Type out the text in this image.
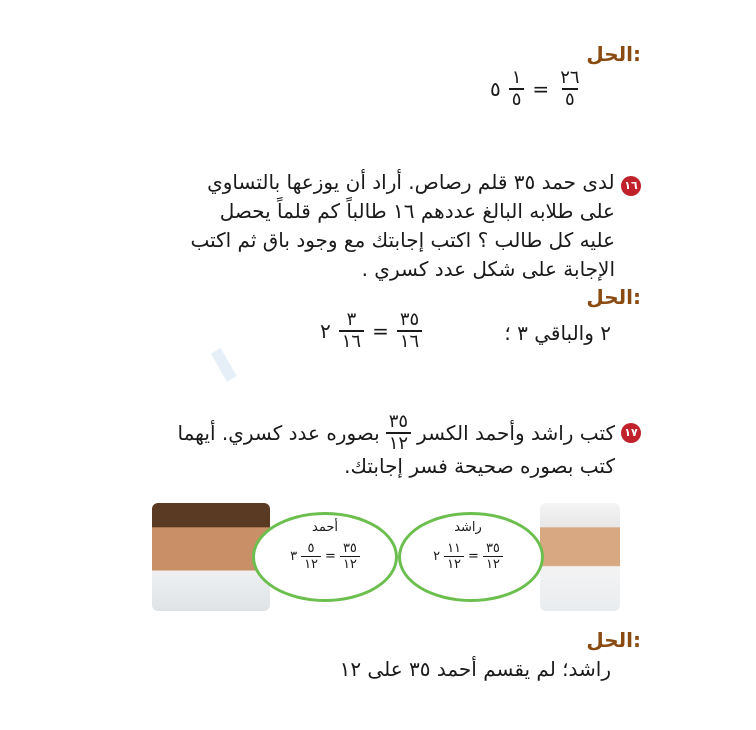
ـ
الحل:
٥ $\frac{١}{٥} = \frac{٢٦}{٥}$
١٦ لدى حمد ٣٥ قلم رصاص. أراد أن يوزعها بالتساوي
على طلابه البالغ عددهم ١٦ طالباً كم قلماً يحصل
عليه كل طالب ؟ اكتب إجابتك مع وجود باق ثم اكتب
الإجابة على شكل عدد كسري .
الحل:
٢ والباقي ٣ ؛
٢ $\frac{٣}{١٦} = \frac{٣٥}{١٦}$
١٧
كتب راشد وأحمد الكسر
$\frac{٣٥}{١٢}$
بصوره عدد كسري. أيهما
كتب بصوره صحيحة فسر إجابتك.
أحمد
٣ $\frac{٥}{١٢} = \frac{٣٥}{١٢}$
راشد
٢ $\frac{١١}{١٢} = \frac{٣٥}{١٢}$
الحل:
راشد؛ لم يقسم أحمد ٣٥ على ١٢
